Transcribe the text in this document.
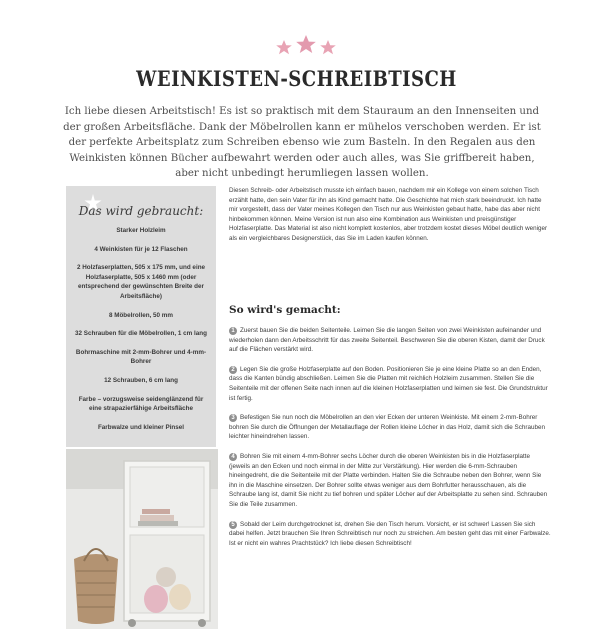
WEINKISTEN-SCHREIBTISCH
Ich liebe diesen Arbeitstisch! Es ist so praktisch mit dem Stauraum an den Innenseiten und der großen Arbeitsfläche. Dank der Möbelrollen kann er mühelos verschoben werden. Er ist der perfekte Arbeitsplatz zum Schreiben ebenso wie zum Basteln. In den Regalen aus den Weinkisten können Bücher aufbewahrt werden oder auch alles, was Sie griffbereit haben, aber nicht unbedingt herumliegen lassen wollen.
Das wird gebraucht:
Starker Holzleim
4 Weinkisten für je 12 Flaschen
2 Holzfaserplatten, 505 x 175 mm, und eine Holzfaserplatte, 505 x 1460 mm (oder entsprechend der gewünschten Breite der Arbeitsfläche)
8 Möbelrollen, 50 mm
32 Schrauben für die Möbelrollen, 1 cm lang
Bohrmaschine mit 2-mm-Bohrer und 4-mm-Bohrer
12 Schrauben, 6 cm lang
Farbe – vorzugsweise seidenglänzend für eine strapazierfähige Arbeitsfläche
Farbwalze und kleiner Pinsel

Diesen Schreib- oder Arbeitstisch musste ich einfach bauen, nachdem mir ein Kollege von einem solchen Tisch erzählt hatte, den sein Vater für ihn als Kind gemacht hatte. Die Geschichte hat mich stark beeindruckt. Ich hatte mir vorgestellt, dass der Vater meines Kollegen den Tisch nur aus Weinkisten gebaut hatte, habe das aber nicht hinbekommen können. Meine Version ist nun also eine Kombination aus Weinkisten und preisgünstiger Holzfaserplatte. Das Material ist also nicht komplett kostenlos, aber trotzdem kostet dieses Möbel deutlich weniger als ein vergleichbares Designerstück, das Sie im Laden kaufen können.

So wird's gemacht:

1 Zuerst bauen Sie die beiden Seitenteile. Leimen Sie die langen Seiten von zwei Weinkisten aufeinander und wiederholen dann den Arbeitsschritt für das zweite Seitenteil. Beschweren Sie die oberen Kisten, damit der Druck auf die Flächen verstärkt wird.

2 Legen Sie die große Holzfaserplatte auf den Boden. Positionieren Sie je eine kleine Platte so an den Enden, dass die Kanten bündig abschließen. Leimen Sie die Platten mit reichlich Holzleim zusammen. Stellen Sie die Seitenteile mit der offenen Seite nach innen auf die kleinen Holzfaserplatten und leimen sie fest. Die Grundstruktur ist fertig.

3 Befestigen Sie nun noch die Möbelrollen an den vier Ecken der unteren Weinkiste. Mit einem 2-mm-Bohrer bohren Sie durch die Öffnungen der Metallauflage der Rollen kleine Löcher in das Holz, damit sich die Schrauben leichter hineindrehen lassen.

4 Bohren Sie mit einem 4-mm-Bohrer sechs Löcher durch die oberen Weinkisten bis in die Holzfaserplatte (jeweils an den Ecken und noch einmal in der Mitte zur Verstärkung). Hier werden die 6-mm-Schrauben hineingedreht, die die Seitenteile mit der Platte verbinden. Halten Sie die Schraube neben den Bohrer, wenn Sie ihn in die Maschine einsetzen. Der Bohrer sollte etwas weniger aus dem Bohrfutter herausschauen, als die Schraube lang ist, damit Sie nicht zu tief bohren und später Löcher auf der Arbeitsplatte zu sehen sind. Schrauben Sie die Teile zusammen.

5 Sobald der Leim durchgetrocknet ist, drehen Sie den Tisch herum. Vorsicht, er ist schwer! Lassen Sie sich dabei helfen. Jetzt brauchen Sie Ihren Schreibtisch nur noch zu streichen. Am besten geht das mit einer Farbwalze. Ist er nicht ein wahres Prachtstück? Ich liebe diesen Schreibtisch!
